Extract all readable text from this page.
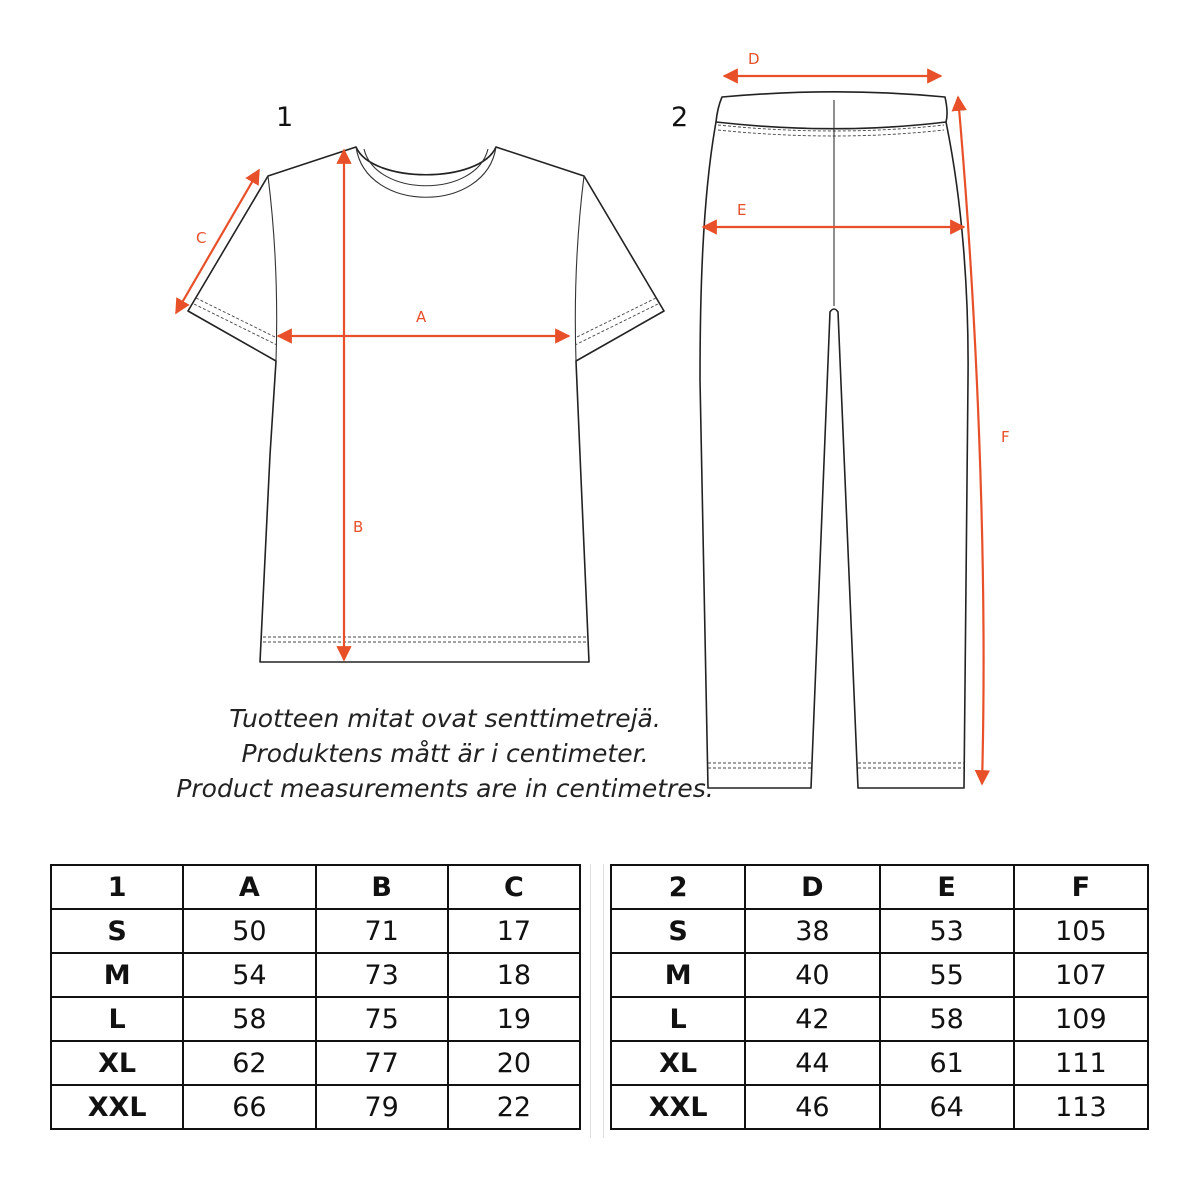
1
A
B
C
2
D
E
F
Tuotteen mitat ovat senttimetrejä.
Produktens mått är i centimeter.
Product measurements are in centimetres.
1	A	B	C
S	50	71	17
M	54	73	18
L	58	75	19
XL	62	77	20
XXL	66	79	22
2	D	E	F
S	38	53	105
M	40	55	107
L	42	58	109
XL	44	61	111
XXL	46	64	113
